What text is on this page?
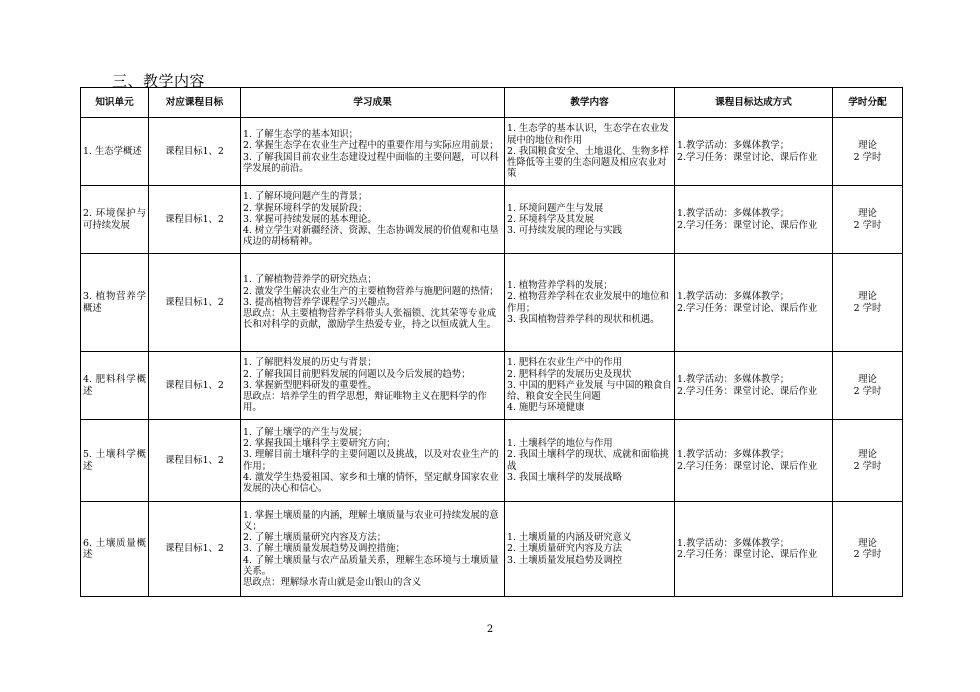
三、教学内容
知识单元	对应课程目标	学习成果	教学内容	课程目标达成方式	学时分配
1. 生态学概述	课程目标1、2	1. 了解生态学的基本知识；
2. 掌握生态学在农业生产过程中的重要作用与实际应用前景；
3. 了解我国目前农业生态建设过程中面临的主要问题，可以科学发展的前沿。	1. 生态学的基本认识，生态学在农业发展中的地位和作用
2. 我国粮食安全、土地退化、生物多样性降低等主要的生态问题及相应农业对策	1.教学活动：多媒体教学；
2.学习任务：课堂讨论、课后作业	理论
2 学时

2. 环境保护与可持续发展	课程目标1、2	1. 了解环境问题产生的背景；
2. 掌握环境科学的发展阶段；
3. 掌握可持续发展的基本理论。
4. 树立学生对新疆经济、资源、生态协调发展的价值观和屯垦戍边的胡杨精神。	1. 环境问题产生与发展
2. 环境科学及其发展
3. 可持续发展的理论与实践	1.教学活动：多媒体教学；
2.学习任务：课堂讨论、课后作业	理论
2 学时

3. 植物营养学概述	课程目标1、2	1. 了解植物营养学的研究热点；
2. 激发学生解决农业生产的主要植物营养与施肥问题的热情；
3. 提高植物营养学课程学习兴趣点。
思政点：从主要植物营养学科带头人张福锁、沈其荣等专业成长和对科学的贡献，激励学生热爱专业，持之以恒成就人生。	1. 植物营养学科的发展；
2. 植物营养学科在农业发展中的地位和作用；
3. 我国植物营养学科的现状和机遇。	1.教学活动：多媒体教学；
2.学习任务：课堂讨论、课后作业	理论
2 学时

4. 肥料科学概述	课程目标1、2	1. 了解肥料发展的历史与背景；
2. 了解我国目前肥料发展的问题以及今后发展的趋势；
3. 掌握新型肥料研发的重要性。
思政点：培养学生的哲学思想，辩证唯物主义在肥料学的作用。	1. 肥料在农业生产中的作用
2. 肥料科学的发展历史及现状
3. 中国的肥料产业发展 与中国的粮食自给、粮食安全民生问题
4. 施肥与环境健康	1.教学活动：多媒体教学；
2.学习任务：课堂讨论、课后作业	理论
2 学时

5. 土壤科学概述	课程目标1、2	1. 了解土壤学的产生与发展；
2. 掌握我国土壤科学主要研究方向；
3. 理解目前土壤科学的主要问题以及挑战，以及对农业生产的作用；
4. 激发学生热爱祖国、家乡和土壤的情怀，坚定献身国家农业发展的决心和信心。	1. 土壤科学的地位与作用
2. 我国土壤科学的现状、成就和面临挑战
3. 我国土壤科学的发展战略	1.教学活动：多媒体教学；
2.学习任务：课堂讨论、课后作业	理论
2 学时

6. 土壤质量概述	课程目标1、2	1. 掌握土壤质量的内涵，理解土壤质量与农业可持续发展的意义；
2. 了解土壤质量研究内容及方法；
3. 了解土壤质量发展趋势及调控措施；
4. 了解土壤质量与农产品质量关系，理解生态环境与土壤质量关系。
思政点：理解绿水青山就是金山银山的含义	1. 土壤质量的内涵及研究意义
2. 土壤质量研究内容及方法
3. 土壤质量发展趋势及调控	1.教学活动：多媒体教学；
2.学习任务：课堂讨论、课后作业	理论
2 学时
2
